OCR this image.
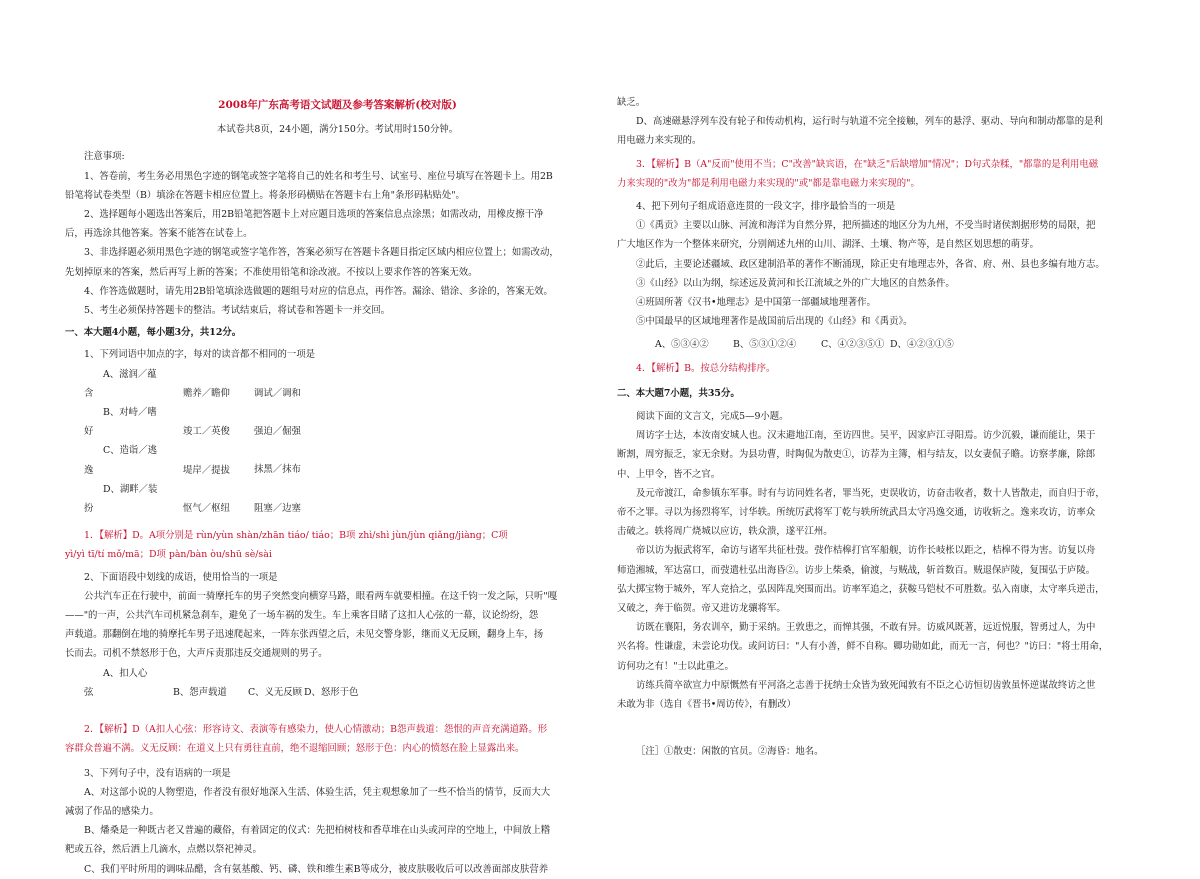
2008年广东高考语文试题及参考答案解析(校对版)
本试卷共8页，24小题，满分150分。考试用时150分钟。
注意事项:
1、答卷前，考生务必用黑色字迹的钢笔或签字笔将自己的姓名和考生号、试室号、座位号填写在答题卡上。用2B
铅笔将试卷类型（B）填涂在答题卡相应位置上。将条形码横贴在答题卡右上角"条形码粘贴处"。
2、选择题每小题选出答案后，用2B铅笔把答题卡上对应题目选项的答案信息点涂黑；如需改动，用橡皮擦干净
后，再选涂其他答案。答案不能答在试卷上。
3、非选择题必须用黑色字迹的钢笔或签字笔作答，答案必须写在答题卡各题目指定区域内相应位置上；如需改动，
先划掉原来的答案，然后再写上新的答案；不准使用铅笔和涂改液。不按以上要求作答的答案无效。
4、作答选做题时，请先用2B铅笔填涂选做题的题组号对应的信息点，再作答。漏涂、错涂、多涂的，答案无效。
5、考生必须保持答题卡的整洁。考试结束后，将试卷和答题卡一并交回。
一、本大题4小题，每小题3分，共12分。
1、下列词语中加点的字，每对的读音都不相同的一项是
A、滋润／蕴含	赡养／瞻仰	调试／调和
B、对峙／嗜好	竣工／英俊	强迫／倔强
C、造诣／逃逸	堤岸／提拔	抹黑／抹布
D、湖畔／装扮	怄气／枢纽	阻塞／边塞
1．【解析】D。A项分别是 rùn/yùn shàn/zhān tiáo/ tiáo；B项 zhì/shì jùn/jùn qiǎng/jiàng；C项
yì/yì tī/tí mǒ/mā；D项 pàn/bàn òu/shū sè/sài
2、下面语段中划线的成语，使用恰当的一项是
公共汽车正在行驶中，前面一骑摩托车的男子突然变向横穿马路，眼看两车就要相撞。在这千钧一发之际，只听"嘎
——"的一声，公共汽车司机紧急刹车，避免了一场车祸的发生。车上乘客目睹了这扣人心弦的一幕，议论纷纷，怨
声载道。那翻倒在地的骑摩托车男子迅速爬起来，一阵东张西望之后，未见交警身影，继而义无反顾，翻身上车，扬
长而去。司机不禁怒形于色，大声斥责那违反交通规则的男子。
A、扣人心弦	B、怨声载道 C、义无反顾 D、怒形于色
2．【解析】D（A扣人心弦：形容诗文、表演等有感染力，使人心情激动；B怨声载道：怨恨的声音充满道路。形
容群众普遍不满。义无反顾：在道义上只有勇往直前，绝不退缩回顾；怒形于色：内心的愤怒在脸上显露出来。
3、下列句子中，没有语病的一项是
A、对这部小说的人物塑造，作者没有很好地深入生活、体验生活，凭主观想象加了一些不恰当的情节，反而大大
减弱了作品的感染力。
B、燔桑是一种既古老又普遍的藏俗，有着固定的仪式：先把柏树枝和香草堆在山头或河岸的空地上，中间放上糌
粑或五谷，然后洒上几滴水，点燃以祭祀神灵。
C、我们平时所用的调味品醋，含有氨基酸、钙、磷、铁和维生素B等成分，被皮肤吸收后可以改善面部皮肤营养
缺乏。
D、高速磁悬浮列车没有轮子和传动机构，运行时与轨道不完全接触，列车的悬浮、驱动、导向和制动都靠的是利
用电磁力来实现的。
3．【解析】B（A"反而"使用不当；C"改善"缺宾语，在"缺乏"后缺增加"情况"；D句式杂糅，"都靠的是利用电磁
力来实现的"改为"都是利用电磁力来实现的"或"都是靠电磁力来实现的"。
4、把下列句子组成语意连贯的一段文字，排序最恰当的一项是
①《禹贡》主要以山脉、河流和海洋为自然分界，把所描述的地区分为九州，不受当时诸侯割据形势的局限，把
广大地区作为一个整体来研究，分别阐述九州的山川、湖泽、土壤、物产等，是自然区划思想的萌芽。
②此后，主要论述疆域、政区建制沿革的著作不断涌现，除正史有地理志外，各省、府、州、县也多编有地方志。
③《山经》以山为纲，综述远及黄河和长江流域之外的广大地区的自然条件。
④班固所著《汉书•地理志》是中国第一部疆域地理著作。
⑤中国最早的区域地理著作是战国前后出现的《山经》和《禹贡》。
A、⑤③④②	B、⑤③①②④	C、④②③⑤① D、④②③①⑤
4．【解析】B。按总分结构排序。
二、本大题7小题，共35分。
阅读下面的文言文，完成5—9小题。
周访字士达，本汝南安城人也。汉末避地江南，至访四世。吴平，因家庐江寻阳焉。访少沉毅，谦而能让，果于
断割，周穷振乏，家无余财。为县功曹，时陶侃为散吏①，访荐为主簿，相与结友，以女妻侃子瞻。访察孝廉，除郎
中、上甲令，皆不之官。
及元帝渡江，命参镇东军事。时有与访同姓名者，罪当死，吏误收访，访奋击收者，数十人皆散走，而自归于帝，
帝不之罪。寻以为扬烈将军，讨华轶。所统厉武将军丁乾与轶所统武昌太守冯逸交通，访收斩之。逸来攻访，访率众
击破之。轶将周广烧城以应访，轶众溃，遂平江州。
帝以访为振武将军，命访与诸军共征杜弢。弢作桔槔打官军船舰，访作长岐枨以距之，桔槔不得为害。访复以舟
师造湘城，军达富口，而弢遣杜弘出海昏②。访步上柴桑，偷渡，与贼战，斩首数百。贼退保庐陵，复围弘于庐陵。
弘大掷宝物于城外，军人竞拾之，弘因阵乱突围而出。访率军追之，获鞍马铠杖不可胜数。弘入南康，太守率兵逆击，
又破之，奔于临贺。帝又进访龙骧将军。
访既在襄阳，务农训卒，勤于采纳。王敦患之，而惮其强，不敢有异。访威风既著，远近悦服，智勇过人，为中
兴名将。性谦虚，未尝论功伐。或问访曰："人有小善，鲜不自称。卿功勋如此，而无一言，何也？"访曰："将士用命，
访何功之有！"士以此重之。
访练兵简卒欲宣力中原慨然有平河洛之志善于抚纳士众皆为致死闻敦有不臣之心访恒切齿敦虽怀逆谋故终访之世
未敢为非（选自《晋书•周访传》，有删改）
［注］①散吏：闲散的官员。②海昏：地名。
